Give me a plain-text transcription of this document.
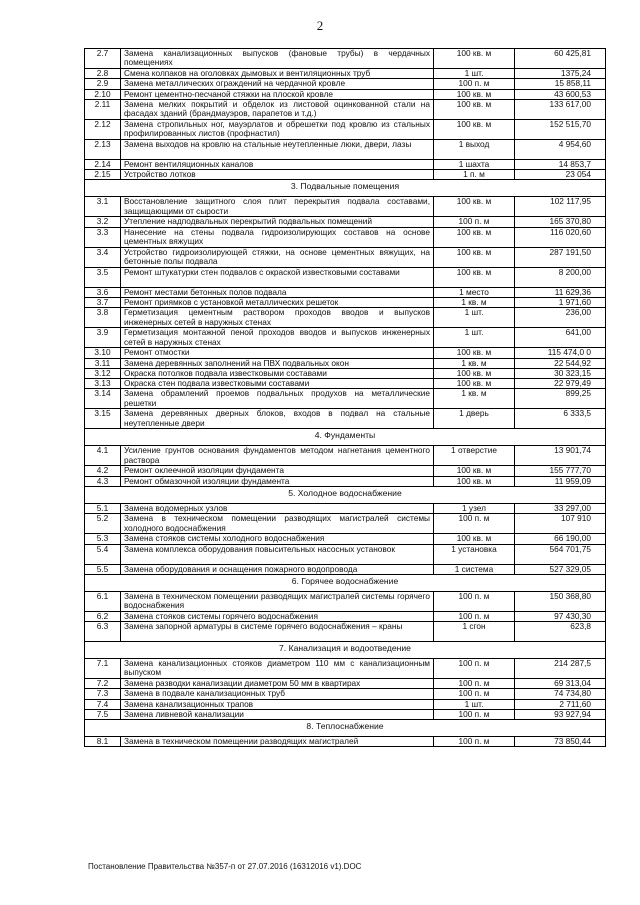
2
2.7	Замена канализационных выпусков (фановые трубы) в чердачных помещениях	100 кв. м	60 425,81
2.8	Смена колпаков на оголовках дымовых и вентиляционных труб	1 шт.	1375,24
2.9	Замена металлических ограждений на чердачной кровле	100 п. м	15 858,11
2.10	Ремонт цементно-песчаной стяжки на плоской кровле	100 кв. м	43 600,53
2.11	Замена мелких покрытий и обделок из листовой оцинкованной стали на фасадах зданий (брандмауэров, парапетов и т.д.)	100 кв. м	133 617,00
2.12	Замена стропильных ног, мауэрлатов и обрешетки под кровлю из стальных профилированных листов (профнастил)	100 кв. м	152 515,70
2.13	Замена выходов на кровлю на стальные неутепленные люки, двери, лазы	1 выход	4 954,60
2.14	Ремонт вентиляционных каналов	1 шахта	14 853,7
2.15	Устройство лотков	1 п. м	23 054
3. Подвальные помещения			
3.1	Восстановление защитного слоя плит перекрытия подвала составами, защищающими от сырости	100 кв. м	102 117,95
3.2	Утепление надподвальных перекрытий подвальных помещений	100 п. м	165 370,80
3.3	Нанесение на стены подвала гидроизолирующих составов на основе цементных вяжущих	100 кв. м	116 020,60
3.4	Устройство гидроизолирующей стяжки, на основе цементных вяжущих, на бетонные полы подвала	100 кв. м	287 191,50
3.5	Ремонт штукатурки стен подвалов с окраской известковыми составами	100 кв. м	8 200,00
3.6	Ремонт местами бетонных полов подвала	1 место	11 629,36
3.7	Ремонт приямков с установкой металлических решеток	1 кв. м	1 971,60
3.8	Герметизация цементным раствором проходов вводов и выпусков инженерных сетей в наружных стенах	1 шт.	236,00
3.9	Герметизация монтажной пеной проходов вводов и выпусков инженерных сетей в наружных стенах	1 шт.	641,00
3.10	Ремонт отмостки	100 кв. м	115 474,0 0
3.11	Замена деревянных заполнений на ПВХ подвальных окон	1 кв. м	22 544,92
3.12	Окраска потолков подвала известковыми составами	100 кв. м	30 323,15
3.13	Окраска стен подвала известковыми составами	100 кв. м	22 979,49
3.14	Замена обрамлений проемов подвальных продухов на металлические решетки	1 кв. м	899,25
3.15	Замена деревянных дверных блоков, входов в подвал на стальные неутепленные двери	1 дверь	6 333,5
4. Фундаменты			
4.1	Усиление грунтов основания фундаментов методом нагнетания цементного раствора	1 отверстие	13 901,74
4.2	Ремонт оклеечной изоляции фундамента	100 кв. м	155 777,70
4.3	Ремонт обмазочной изоляции фундамента	100 кв. м	11 959,09
5. Холодное водоснабжение			
5.1	Замена водомерных узлов	1 узел	33 297,00
5.2	Замена в техническом помещении разводящих магистралей системы холодного водоснабжения	100 п. м	107 910
5.3	Замена стояков системы холодного водоснабжения	100 кв. м	66 190,00
5.4	Замена комплекса оборудования повысительных насосных установок	1 установка	564 701,75
5.5	Замена оборудования и оснащения пожарного водопровода	1 система	527 329,05
6. Горячее водоснабжение			
6.1	Замена в техническом помещении разводящих магистралей системы горячего водоснабжения	100 п. м	150 368,80
6.2	Замена стояков системы горячего водоснабжения	100 п. м	97 430,30
6.3	Замена запорной арматуры в системе горячего водоснабжения – краны	1 сгон	623,8
7. Канализация и водоотведение			
7.1	Замена канализационных стояков диаметром 110 мм с канализационным выпуском	100 п. м	214 287,5
7.2	Замена разводки канализации диаметром 50 мм в квартирах	100 п. м	69 313,04
7.3	Замена в подвале канализационных труб	100 п. м	74 734,80
7.4	Замена канализационных трапов	1 шт.	2 711,60
7.5	Замена ливневой канализации	100 п. м	93 927,94
8. Теплоснабжение			
8.1	Замена в техническом помещении разводящих магистралей	100 п. м	73 850,44
Постановление Правительства №357-п от 27.07.2016 (16312016 v1).DOC
